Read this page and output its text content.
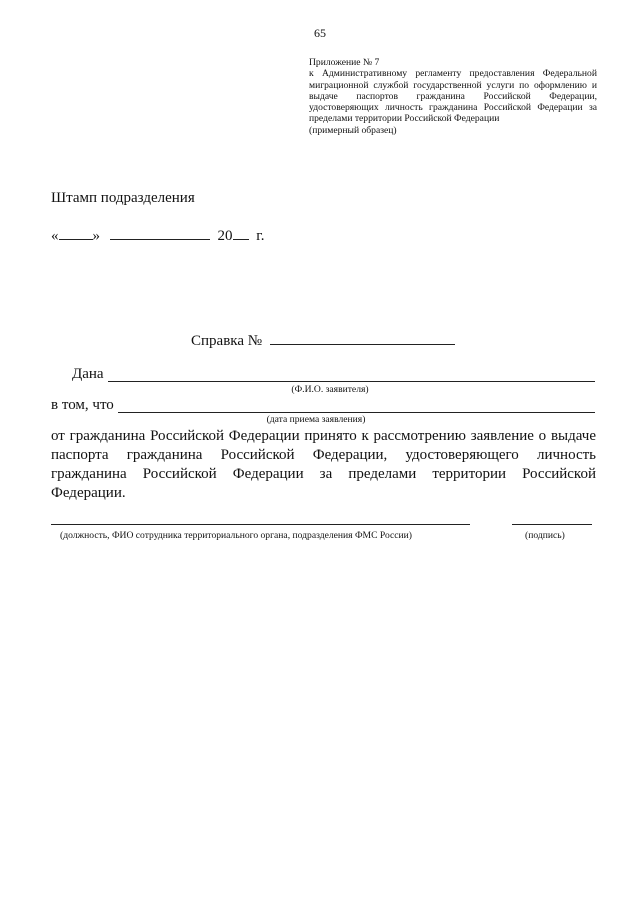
65
Приложение № 7
к Административному регламенту предоставления Федеральной
миграционной службой государственной услуги по оформлению и
выдаче паспортов гражданина Российской Федерации,
удостоверяющих личность гражданина Российской Федерации за
пределами территории Российской Федерации
(примерный образец)
Штамп подразделения
« »	20 г.
Справка №
Дана
(Ф.И.О. заявителя)
в том, что
(дата приема заявления)
от гражданина Российской Федерации принято к рассмотрению заявление о выдаче паспорта гражданина Российской Федерации, удостоверяющего личность гражданина Российской Федерации за пределами территории Российской Федерации.
(должность, ФИО сотрудника территориального органа, подразделения ФМС России)	(подпись)
